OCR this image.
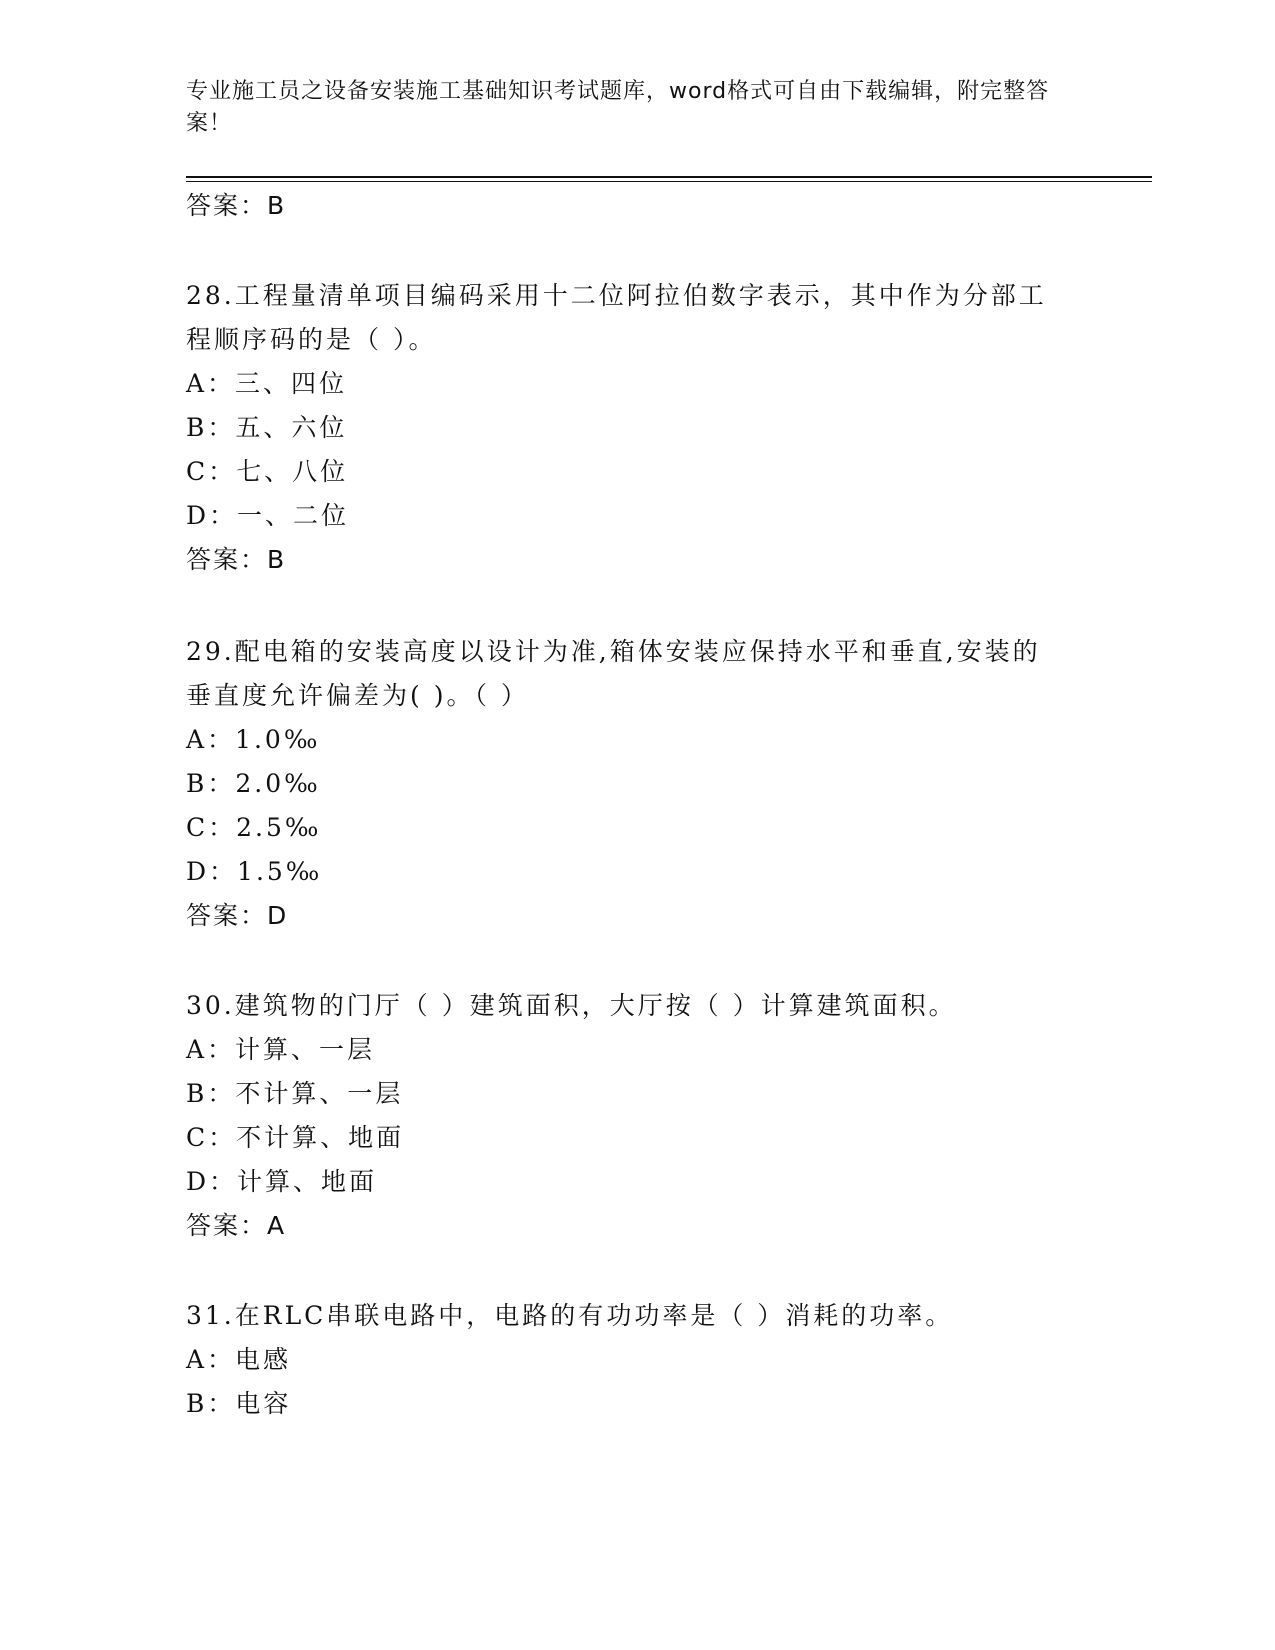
专业施工员之设备安装施工基础知识考试题库，word格式可自由下载编辑，附完整答案！
答案：B
28.工程量清单项目编码采用十二位阿拉伯数字表示，其中作为分部工
程顺序码的是（ ）。
A：三、四位
B：五、六位
C：七、八位
D：一、二位
答案：B
29.配电箱的安装高度以设计为准,箱体安装应保持水平和垂直,安装的
垂直度允许偏差为( )。（ ）
A：1.0‰
B：2.0‰
C：2.5‰
D：1.5‰
答案：D
30.建筑物的门厅（ ）建筑面积，大厅按（ ）计算建筑面积。
A：计算、一层
B：不计算、一层
C：不计算、地面
D：计算、地面
答案：A
31.在RLC串联电路中，电路的有功功率是（ ）消耗的功率。
A：电感
B：电容
